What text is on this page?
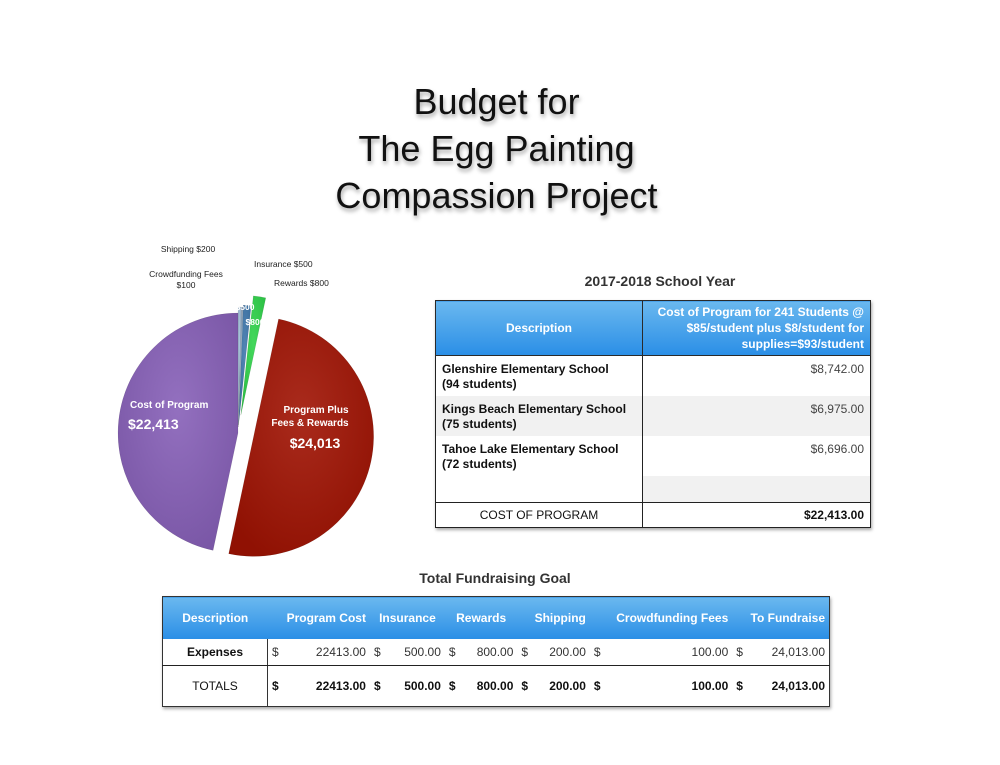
Budget for
The Egg Painting
Compassion Project
$200
$100
$500
$800
Shipping $200
Crowdfunding Fees
$100
Insurance $500
Rewards $800
Program Plus
Fees & Rewards
$24,013
Cost of Program
$22,413
2017-2018 School Year
Description	Cost of Program for 241 Students @ $85/student plus $8/student for supplies=$93/student

Glenshire Elementary School
(94 students)	$8,742.00

Kings Beach Elementary School
(75 students)	$6,975.00

Tahoe Lake Elementary School
(72 students)	$6,696.00

COST OF PROGRAM	$22,413.00
Total Fundraising Goal
Description	Program Cost		Insurance		Rewards		Shipping		Crowdfunding Fees		To Fundraise	
Expenses	$	22413.00	$	500.00	$	800.00	$	200.00	$	100.00	$	24,013.00
TOTALS	$	22413.00	$	500.00	$	800.00	$	200.00	$	100.00	$	24,013.00
